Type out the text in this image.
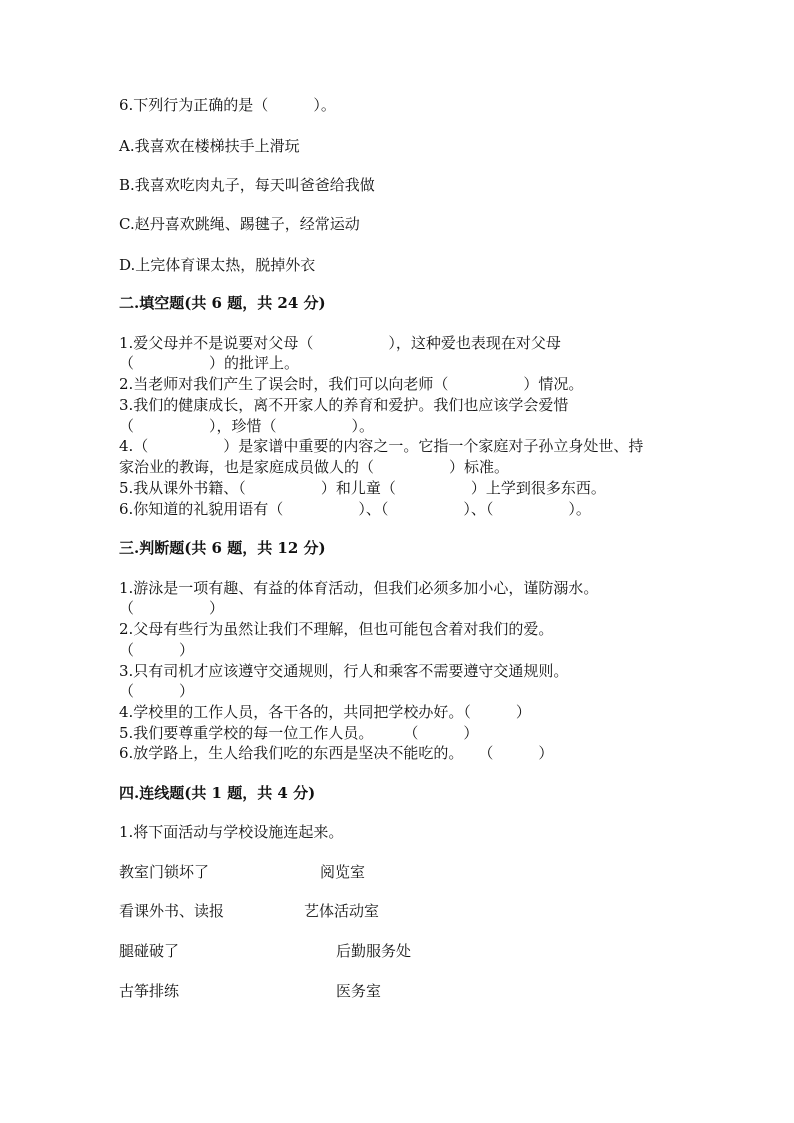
6.下列行为正确的是（　　　）。
A.我喜欢在楼梯扶手上滑玩
B.我喜欢吃肉丸子，每天叫爸爸给我做
C.赵丹喜欢跳绳、踢毽子，经常运动
D.上完体育课太热，脱掉外衣
二.填空题(共 6 题，共 24 分)
1.爱父母并不是说要对父母（　　　　　），这种爱也表现在对父母
（　　　　　）的批评上。
2.当老师对我们产生了误会时，我们可以向老师（　　　　　）情况。
3.我们的健康成长，离不开家人的养育和爱护。我们也应该学会爱惜
（　　　　　），珍惜（　　　　　）。
4.（　　　　　）是家谱中重要的内容之一。它指一个家庭对子孙立身处世、持
家治业的教诲，也是家庭成员做人的（　　　　　）标准。
5.我从课外书籍、（　　　　　）和儿童（　　　　　）上学到很多东西。
6.你知道的礼貌用语有（　　　　　）、（　　　　　）、（　　　　　）。
三.判断题(共 6 题，共 12 分)
1.游泳是一项有趣、有益的体育活动，但我们必须多加小心，谨防溺水。
（　　　　　）
2.父母有些行为虽然让我们不理解，但也可能包含着对我们的爱。
（　　　）
3.只有司机才应该遵守交通规则，行人和乘客不需要遵守交通规则。
（　　　）
4.学校里的工作人员，各干各的，共同把学校办好。（　　　）
5.我们要尊重学校的每一位工作人员。　　　（　　　）
6.放学路上，生人给我们吃的东西是坚决不能吃的。　　（　　　）
四.连线题(共 1 题，共 4 分)
1.将下面活动与学校设施连起来。
教室门锁坏了	阅览室
看课外书、读报	艺体活动室
腿碰破了	后勤服务处
古筝排练	医务室
